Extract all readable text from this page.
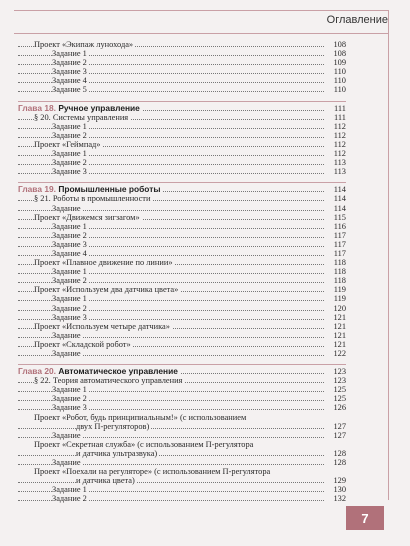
Оглавление
Проект «Экипаж лунохода»	108
Задание 1	108
Задание 2	109
Задание 3	110
Задание 4	110
Задание 5	110
Глава 18. Ручное управление	111
§ 20. Системы управления	111
Задание 1	112
Задание 2	112
Проект «Геймпад»	112
Задание 1	112
Задание 2	113
Задание 3	113
Глава 19. Промышленные роботы	114
§ 21. Роботы в промышленности	114
Задание	114
Проект «Движемся зигзагом»	115
Задание 1	116
Задание 2	117
Задание 3	117
Задание 4	117
Проект «Плавное движение по линии»	118
Задание 1	118
Задание 2	118
Проект «Используем два датчика цвета»	119
Задание 1	119
Задание 2	120
Задание 3	121
Проект «Используем четыре датчика»	121
Задание	121
Проект «Складской робот»	121
Задание	122
Глава 20. Автоматическое управление	123
§ 22. Теория автоматического управления	123
Задание 1	125
Задание 2	125
Задание 3	126
Проект «Робот, будь принципиальным!» (с использованием
двух П-регуляторов)	127
Задание	127
Проект «Секретная служба» (с использованием П-регулятора
и датчика ультразвука)	128
Задание	128
Проект «Поехали на регуляторе» (с использованием П-регулятора
и датчика цвета)	129
Задание 1	130
Задание 2	132
7
